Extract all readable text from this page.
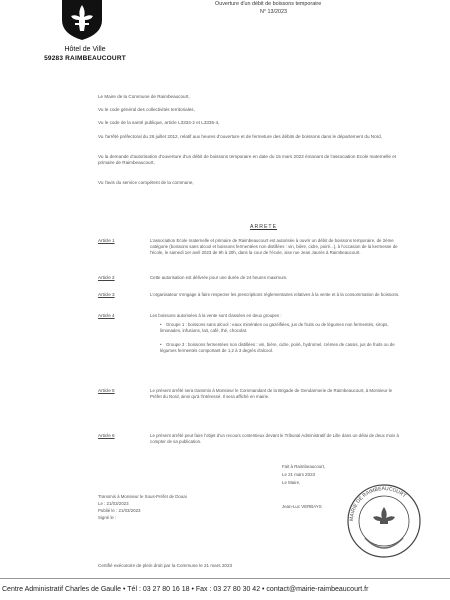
Hôtel de Ville
59283 RAIMBEAUCOURT
Ouverture d'un débit de boissons temporaire
N° 13/2023
Le Maire de la Commune de Raimbeaucourt,
Vu le code général des collectivités territoriales,
Vu le code de la santé publique, article L3334-2 et L3335-4,
Vu l'arrêté préfectoral du 26 juillet 2012, relatif aux heures d'ouverture et de fermeture des débits de boissons dans le département du Nord,
Vu la demande d'autorisation d'ouverture d'un débit de boissons temporaire en date du 15 mars 2023 émanant de l'association Ecole maternelle et primaire de Raimbeaucourt,
Vu l'avis du service compétent de la commune,
ARRETE
Article 1	L'association Ecole maternelle et primaire de Raimbeaucourt est autorisée à ouvrir un débit de boissons temporaire, de 2ème catégorie (boissons sans alcool et boissons fermentées non distillées : vin, bière, cidre, poiré...), à l'occasion de la kermesse de l'école, le samedi 1er avril 2023 de 9h à 20h, dans la cour de l'école, sise rue Jean Jaurès à Raimbeaucourt.
Article 2	Cette autorisation est délivrée pour une durée de 24 heures maximum.
Article 3	L'organisateur s'engage à faire respecter les prescriptions réglementaires relatives à la vente et à la consommation de boissons.
Article 4	Les boissons autorisées à la vente sont classées en deux groupes :
• Groupe 1 : boissons sans alcool : eaux minérales ou gazéifiées, jus de fruits ou de légumes non fermentés, sirops, limonades, infusions, lait, café, thé, chocolat.
• Groupe 3 : boissons fermentées non distillées : vin, bière, cidre, poiré, hydromel, crèmes de cassis, jus de fruits ou de légumes fermentés comportant de 1,2 à 3 degrés d'alcool.
Article 5	Le présent arrêté sera transmis à Monsieur le Commandant de la Brigade de Gendarmerie de Raimbeaucourt, à Monsieur le Préfet du Nord, ainsi qu'à l'intéressé. Il sera affiché en mairie.
Article 6	Le présent arrêté peut faire l'objet d'un recours contentieux devant le Tribunal Administratif de Lille dans un délai de deux mois à compter de sa publication.
Transmis à Monsieur le Sous-Préfet de Douai
Le : 21/03/2023
Publié le : 21/03/2023
Signé le :
Fait à Raimbeaucourt,
Le 21 mars 2023
Le Maire,
Jean-Luc VERBAYS
MAIRIE DE RAIMBEAUCOURT
Certifié exécutoire de plein droit par la Commune le 21 mars 2023
Centre Administratif Charles de Gaulle • Tél : 03 27 80 16 18 • Fax : 03 27 80 30 42 • contact@mairie-raimbeaucourt.fr
